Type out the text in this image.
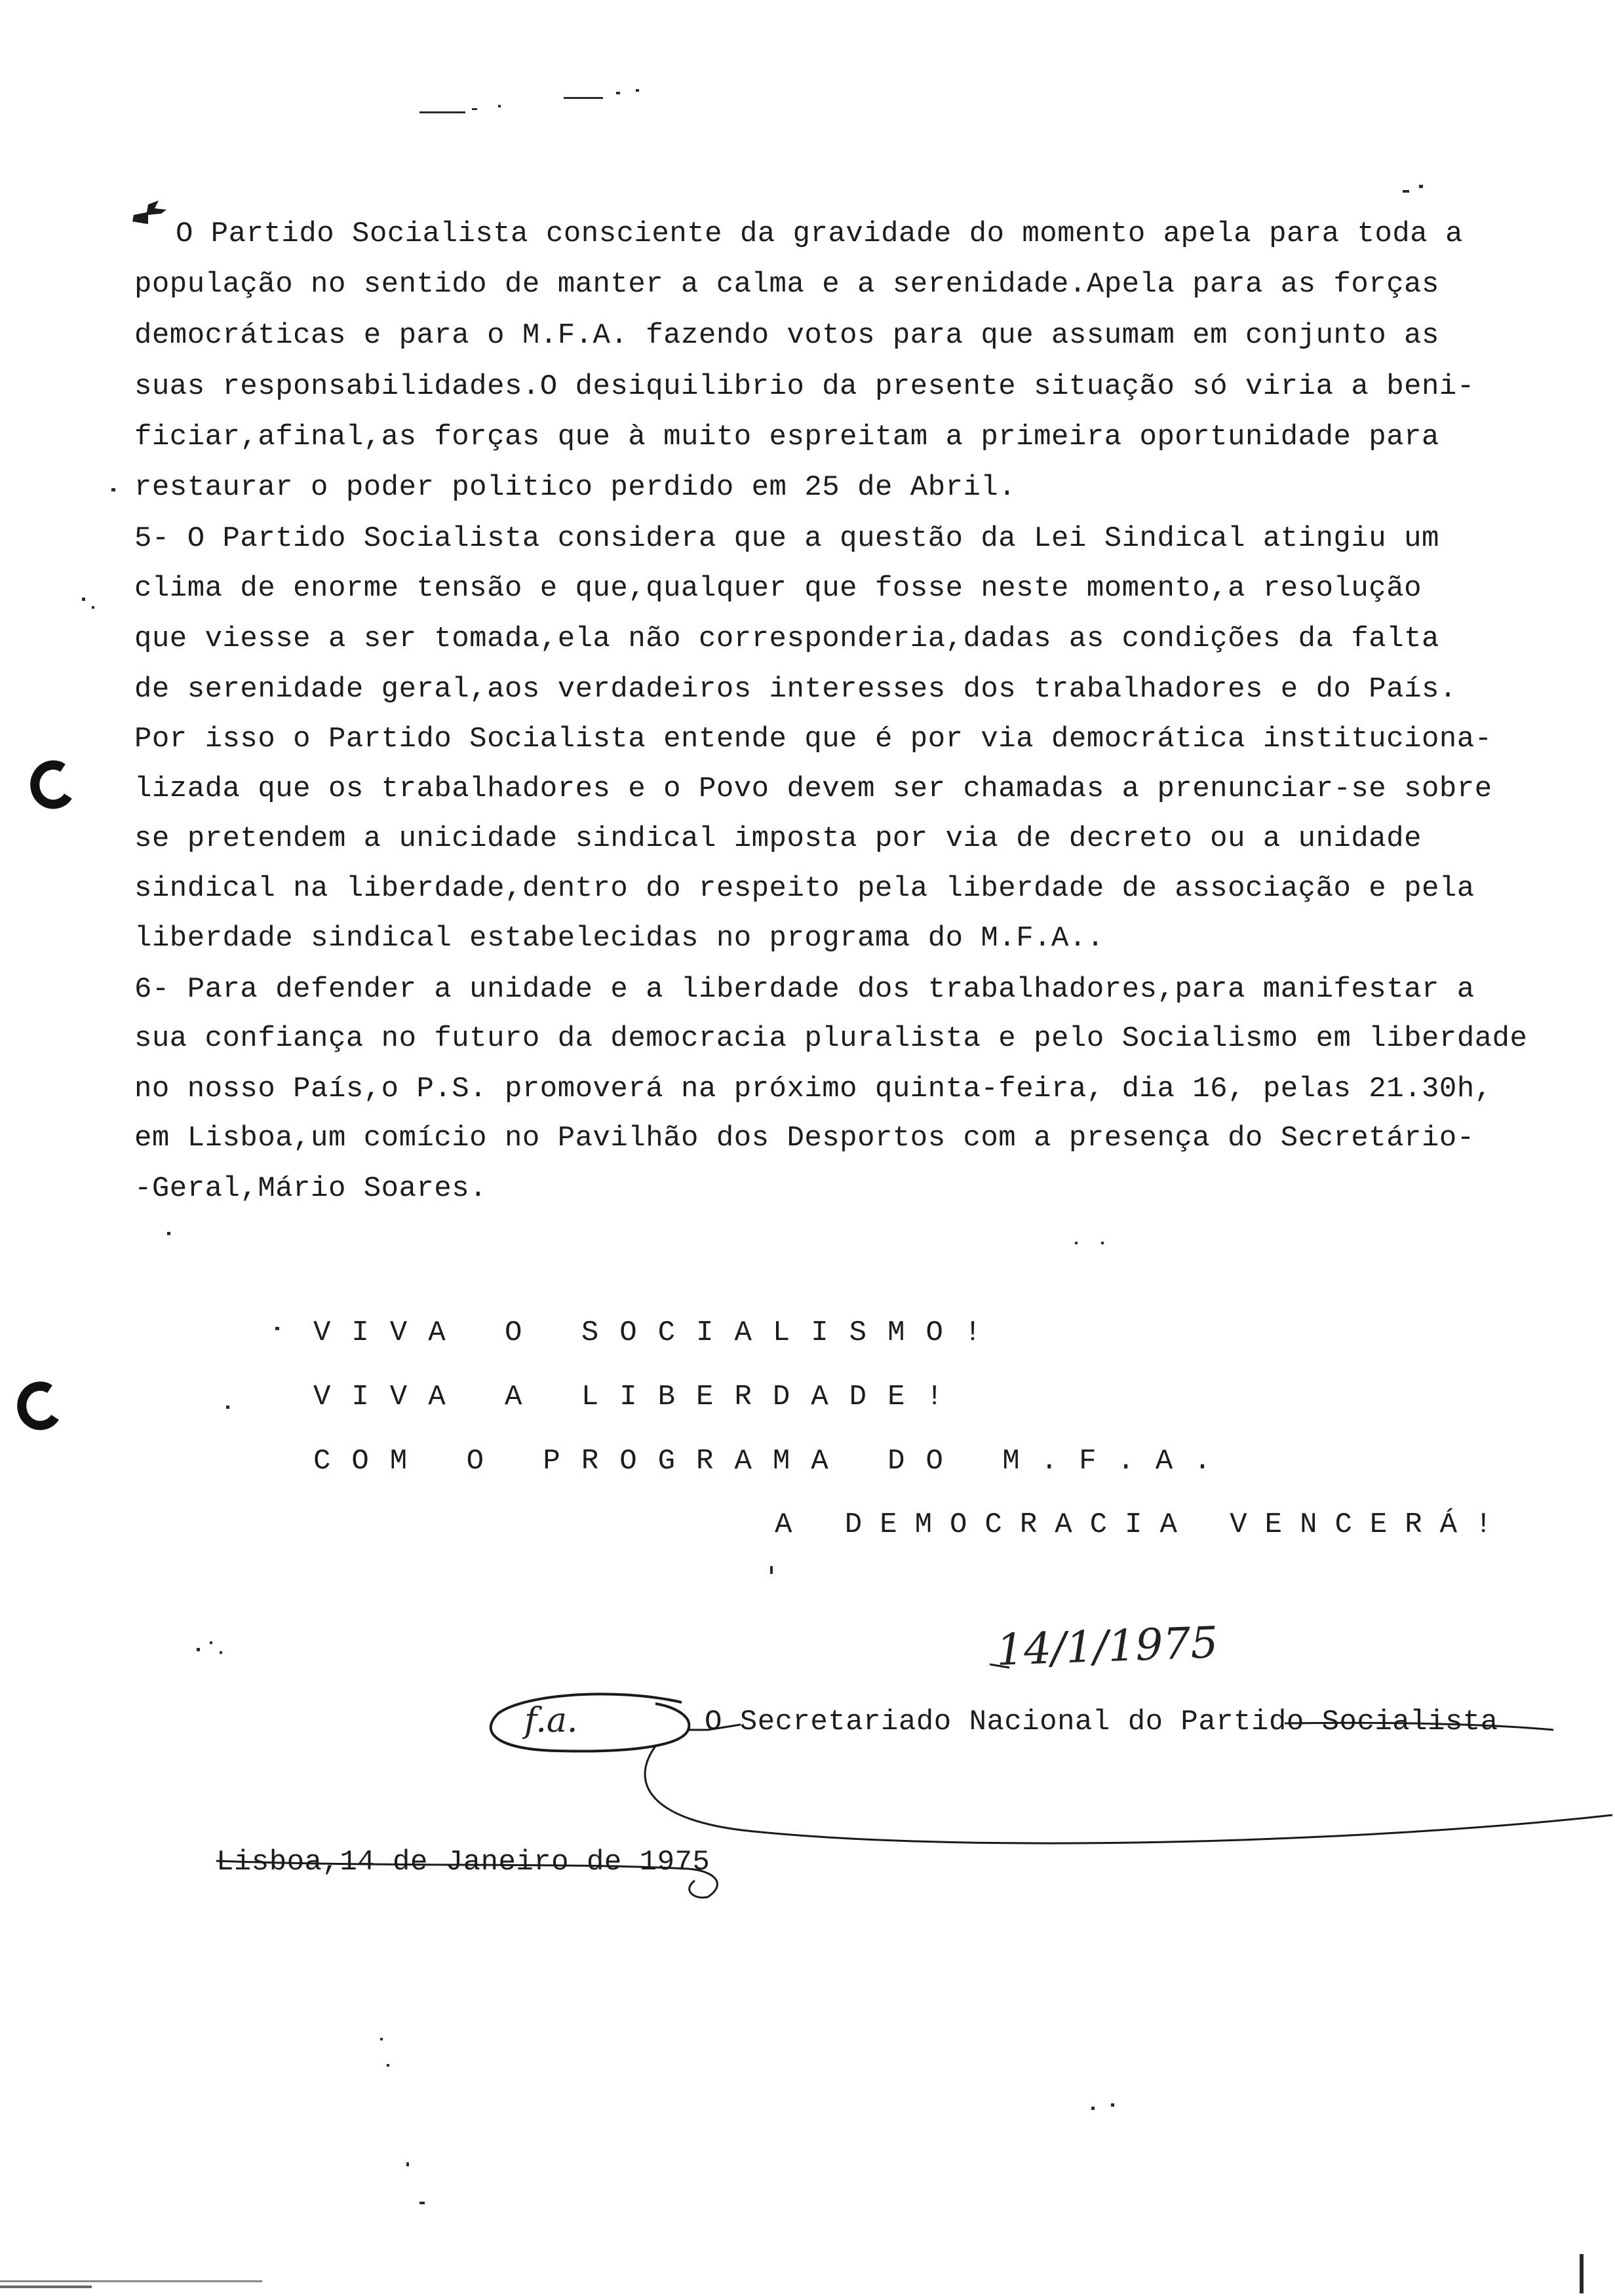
O Partido Socialista consciente da gravidade do momento apela para toda a
população no sentido de manter a calma e a serenidade.Apela para as forças
democráticas e para o M.F.A. fazendo votos para que assumam em conjunto as
suas responsabilidades.O desiquilibrio da presente situação só viria a beni-
ficiar,afinal,as forças que à muito espreitam a primeira oportunidade para
restaurar o poder politico perdido em 25 de Abril.
5- O Partido Socialista considera que a questão da Lei Sindical atingiu um
clima de enorme tensão e que,qualquer que fosse neste momento,a resolução
que viesse a ser tomada,ela não corresponderia,dadas as condições da falta
de serenidade geral,aos verdadeiros interesses dos trabalhadores e do País.
Por isso o Partido Socialista entende que é por via democrática instituciona-
lizada que os trabalhadores e o Povo devem ser chamadas a prenunciar-se sobre
se pretendem a unicidade sindical imposta por via de decreto ou a unidade
sindical na liberdade,dentro do respeito pela liberdade de associação e pela
liberdade sindical estabelecidas no programa do M.F.A..
6- Para defender a unidade e a liberdade dos trabalhadores,para manifestar a
sua confiança no futuro da democracia pluralista e pelo Socialismo em liberdade
no nosso País,o P.S. promoverá na próximo quinta-feira, dia 16, pelas 21.30h,
em Lisboa,um comício no Pavilhão dos Desportos com a presença do Secretário-
-Geral,Mário Soares.
VIVA O SOCIALISMO!
VIVA A LIBERDADE!
COM O PROGRAMA DO M.F.A.
A DEMOCRACIA VENCERÁ!
14/1/1975
f.a.	O Secretariado Nacional do Partido Socialista
Lisboa,14 de Janeiro de 1975
